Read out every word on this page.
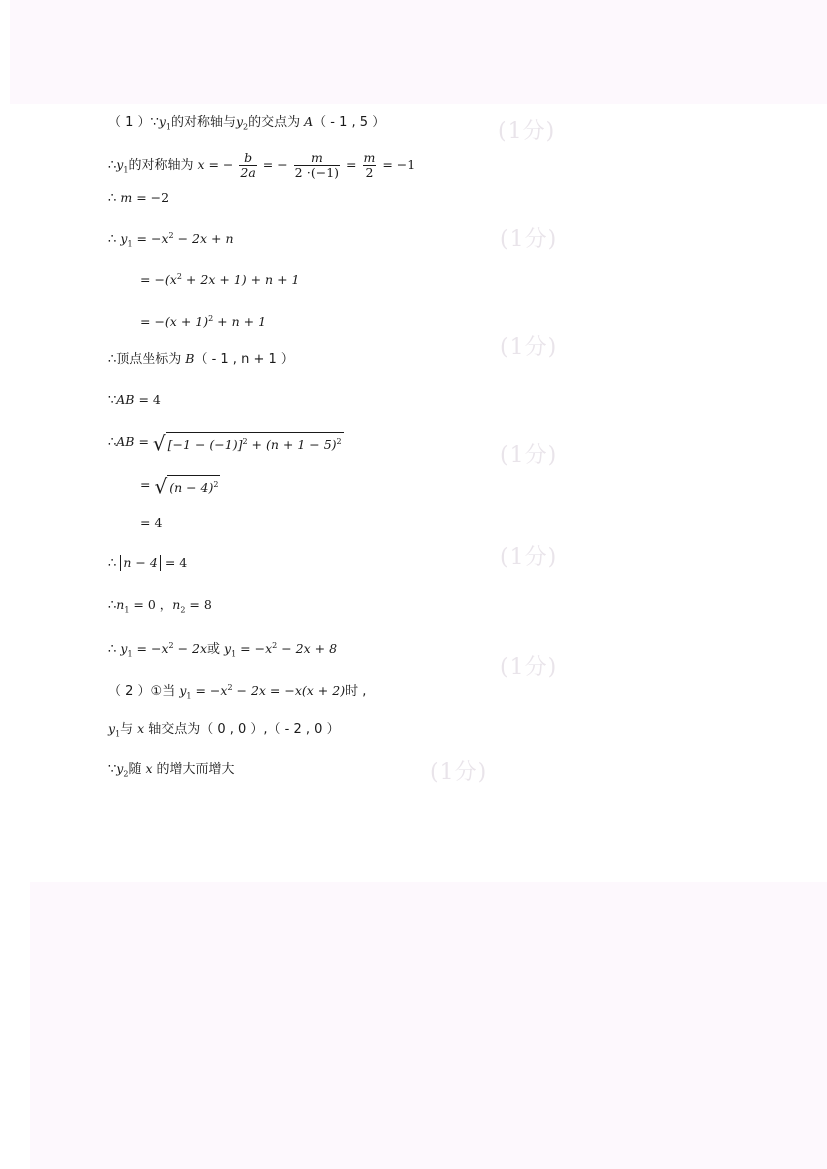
(1分)
(1分)
(1分)
(1分)
(1分)
(1分)
(1分)
（ 1 ）$\because y_1$的对称轴与$y_2$的交点为 A（ - 1 , 5 ）
$\therefore y_1$的对称轴为 x = − $\frac{b}{2a}$ = − $\frac{m}{2 \cdot(-1)} = \frac{m}{2} = -1$
∴ m = −2
∴ $y_1 = -x^2 - 2x + n$
= $-(x^2 + 2x + 1) + n + 1$
= $-(x + 1)^2 + n + 1$
∴顶点坐标为 B（ - 1 , n + 1 ）
∵AB = 4
∴AB = √ $[-1 - (-1)]^2 + (n + 1 - 5)^2$
= √ $(n - 4)^2$
= 4
∴ n − 4 = 4
$\therefore n_1 = 0$ ，$n_2 = 8$
∴ $y_1 = -x^2 - 2x$或 $y_1 = -x^2 - 2x + 8$
（ 2 ）①当 $y_1 = -x^2 - 2x = -x(x + 2)$时 ,
$y_1$与 x 轴交点为（ 0 , 0 ）,（ - 2 , 0 ）
$\because y_2$随 x 的增大而增大
